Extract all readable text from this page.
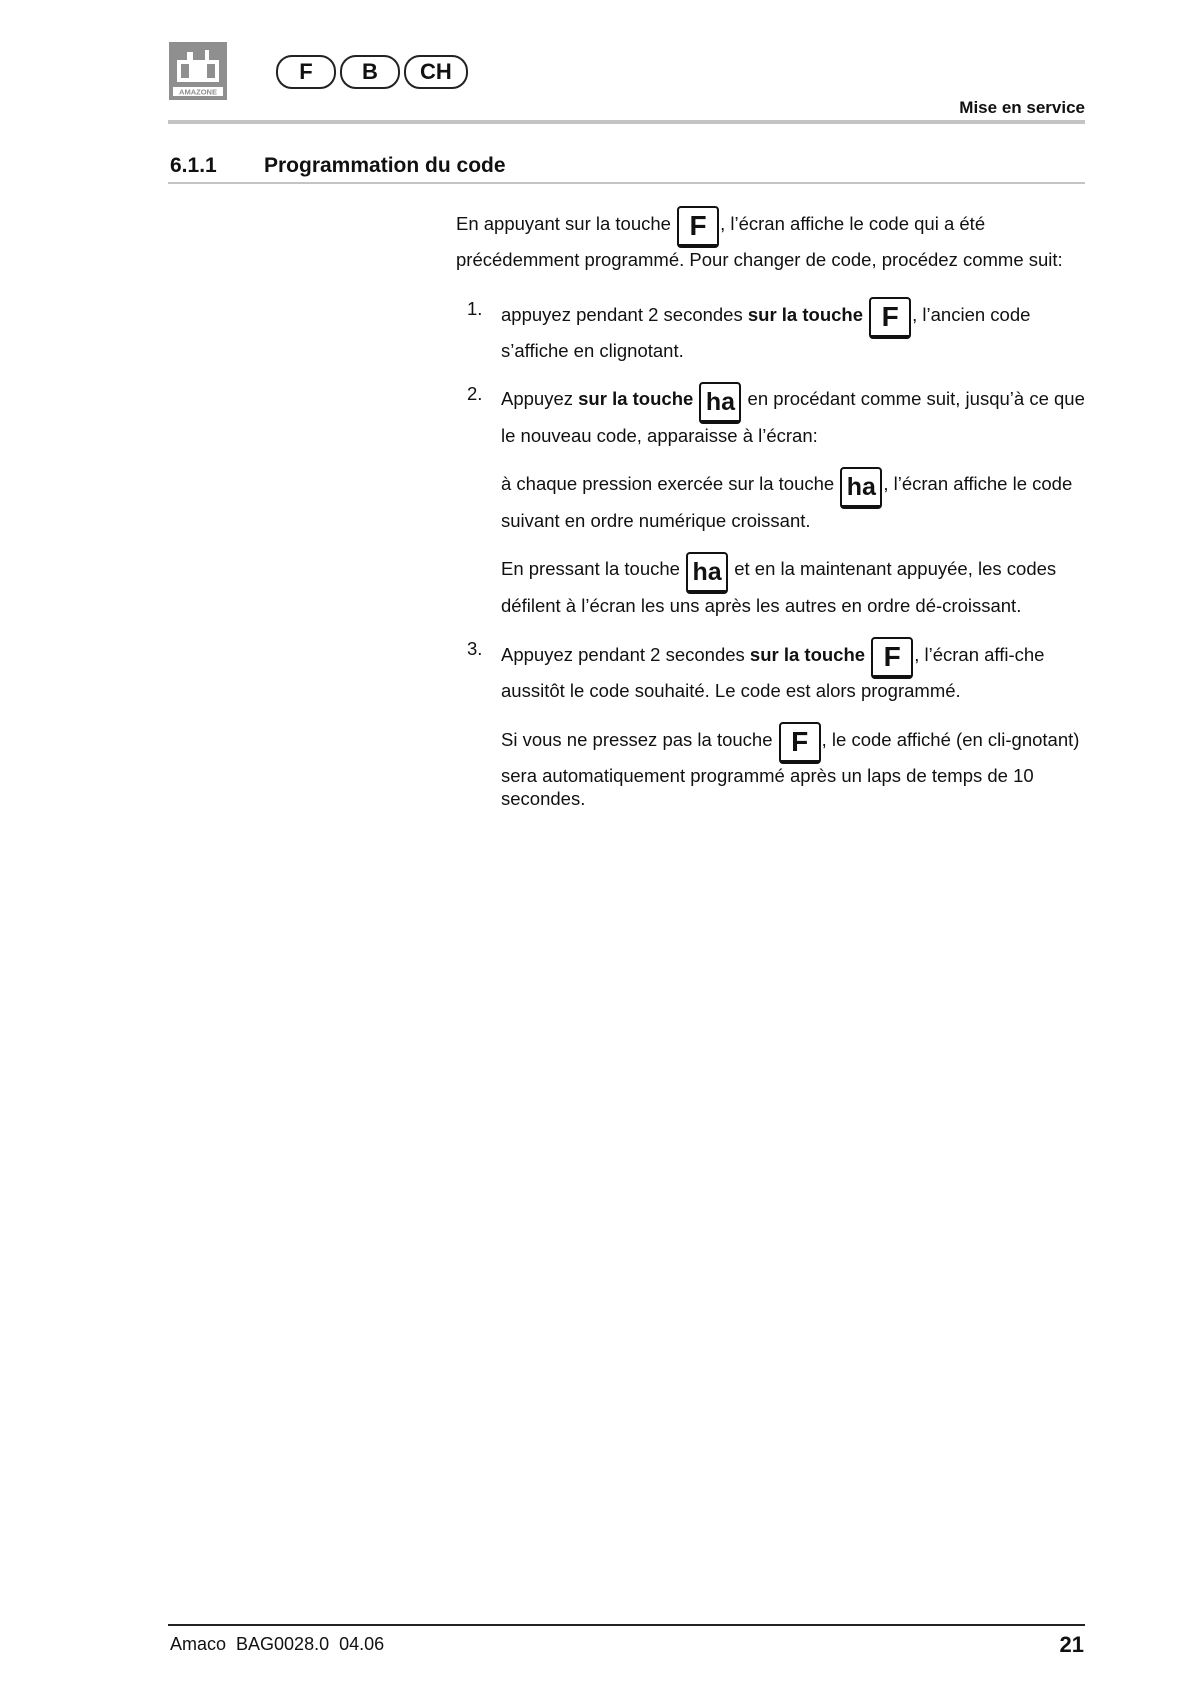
AMAZONE
F	B	CH
Mise en service
6.1.1	Programmation du code

En appuyant sur la touche F , l’écran affiche le code qui a été précédemment programmé. Pour changer de code, procédez comme suit:

1.	appuyez pendant 2 secondes sur la touche F , l’ancien code s’affiche en clignotant.
2.	Appuyez sur la touche ha en procédant comme suit, jusqu’à ce que le nouveau code, apparaisse à l’écran:

à chaque pression exercée sur la touche ha , l’écran affiche le code suivant en ordre numérique croissant.

En pressant la touche ha et en la maintenant appuyée, les codes défilent à l’écran les uns après les autres en ordre dé-croissant.

3.	Appuyez pendant 2 secondes sur la touche F , l’écran affi-che aussitôt le code souhaité. Le code est alors programmé.

Si vous ne pressez pas la touche F , le code affiché (en cli-gnotant) sera automatiquement programmé après un laps de temps de 10 secondes.

Amaco  BAG0028.0  04.06	21
